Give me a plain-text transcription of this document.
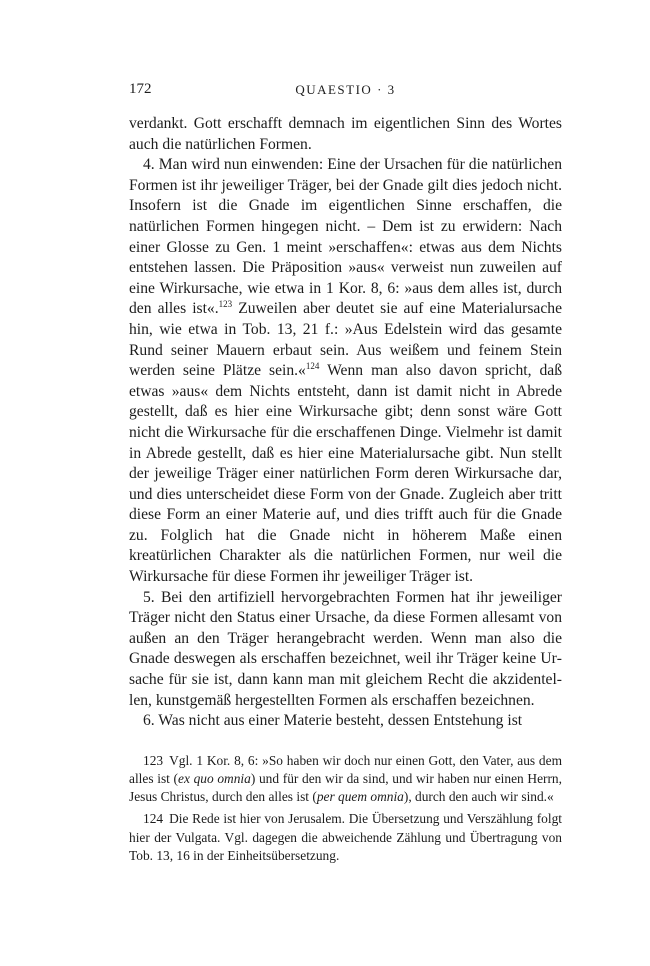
172	QUAESTIO · 3

verdankt. Gott erschafft demnach im eigentlichen Sinn des Wortes auch die natürlichen Formen.

4. Man wird nun einwenden: Eine der Ursachen für die natürlichen Formen ist ihr jeweiliger Träger, bei der Gnade gilt dies jedoch nicht. Insofern ist die Gnade im eigentlichen Sinne erschaffen, die natürlichen Formen hingegen nicht. – Dem ist zu erwidern: Nach einer Glosse zu Gen. 1 meint »erschaffen«: etwas aus dem Nichts entstehen lassen. Die Präposition »aus« verweist nun zuweilen auf eine Wirkursache, wie etwa in 1 Kor. 8, 6: »aus dem alles ist, durch den alles ist«.$^{123}$ Zuweilen aber deutet sie auf eine Materialursache hin, wie etwa in Tob. 13, 21 f.: »Aus Edelstein wird das gesamte Rund seiner Mauern erbaut sein. Aus weißem und feinem Stein werden seine Plätze sein.«$^{124}$ Wenn man also davon spricht, daß etwas »aus« dem Nichts entsteht, dann ist damit nicht in Abrede gestellt, daß es hier eine Wirkursache gibt; denn sonst wäre Gott nicht die Wirkursache für die erschaffenen Dinge. Vielmehr ist damit in Abrede gestellt, daß es hier eine Materialursache gibt. Nun stellt der jeweilige Träger einer natürlichen Form deren Wirkursache dar, und dies unterscheidet diese Form von der Gnade. Zugleich aber tritt diese Form an einer Materie auf, und dies trifft auch für die Gnade zu. Folglich hat die Gnade nicht in höherem Maße einen kreatürlichen Charakter als die natürlichen Formen, nur weil die Wirkursache für diese Formen ihr jeweiliger Träger ist.

5. Bei den artifiziell hervorgebrachten Formen hat ihr jeweiliger Träger nicht den Status einer Ursache, da diese Formen allesamt von außen an den Träger herangebracht werden. Wenn man also die Gnade deswegen als erschaffen bezeichnet, weil ihr Träger keine Ursache für sie ist, dann kann man mit gleichem Recht die akzidentellen, kunstgemäß hergestellten Formen als erschaffen bezeichnen.

6. Was nicht aus einer Materie besteht, dessen Entstehung ist

123 Vgl. 1 Kor. 8, 6: »So haben wir doch nur einen Gott, den Vater, aus dem alles ist (ex quo omnia) und für den wir da sind, und wir haben nur einen Herrn, Jesus Christus, durch den alles ist (per quem omnia), durch den auch wir sind.«

124 Die Rede ist hier von Jerusalem. Die Übersetzung und Verszählung folgt hier der Vulgata. Vgl. dagegen die abweichende Zählung und Übertragung von Tob. 13, 16 in der Einheitsübersetzung.
